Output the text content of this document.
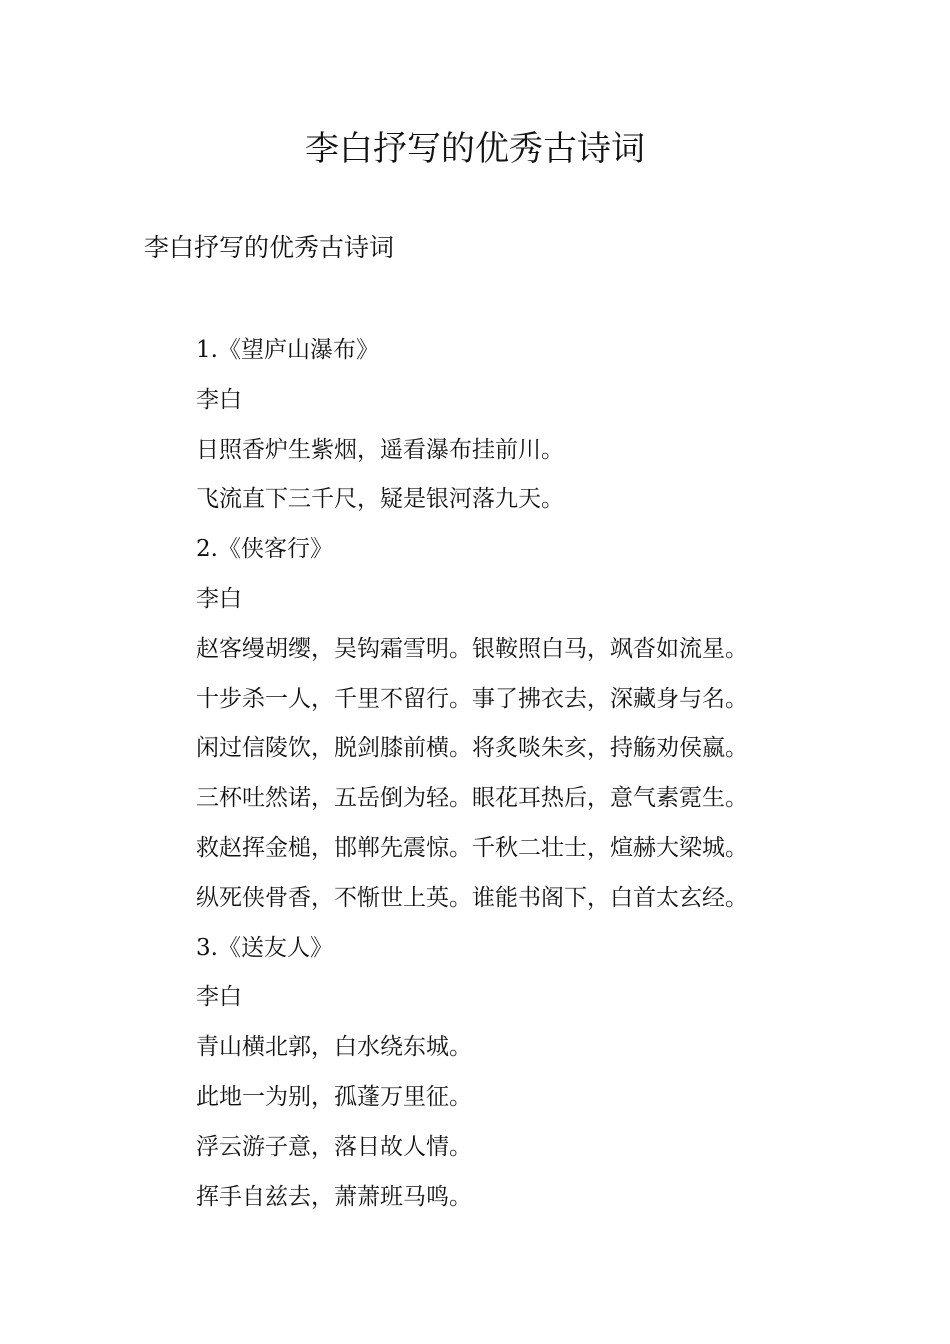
李白抒写的优秀古诗词
李白抒写的优秀古诗词
1.《望庐山瀑布》
李白
日照香炉生紫烟，遥看瀑布挂前川。
飞流直下三千尺，疑是银河落九天。
2.《侠客行》
李白
赵客缦胡缨，吴钩霜雪明。银鞍照白马，飒沓如流星。
十步杀一人，千里不留行。事了拂衣去，深藏身与名。
闲过信陵饮，脱剑膝前横。将炙啖朱亥，持觞劝侯嬴。
三杯吐然诺，五岳倒为轻。眼花耳热后，意气素霓生。
救赵挥金槌，邯郸先震惊。千秋二壮士，煊赫大梁城。
纵死侠骨香，不惭世上英。谁能书阁下，白首太玄经。
3.《送友人》
李白
青山横北郭，白水绕东城。
此地一为别，孤蓬万里征。
浮云游子意，落日故人情。
挥手自兹去，萧萧班马鸣。
